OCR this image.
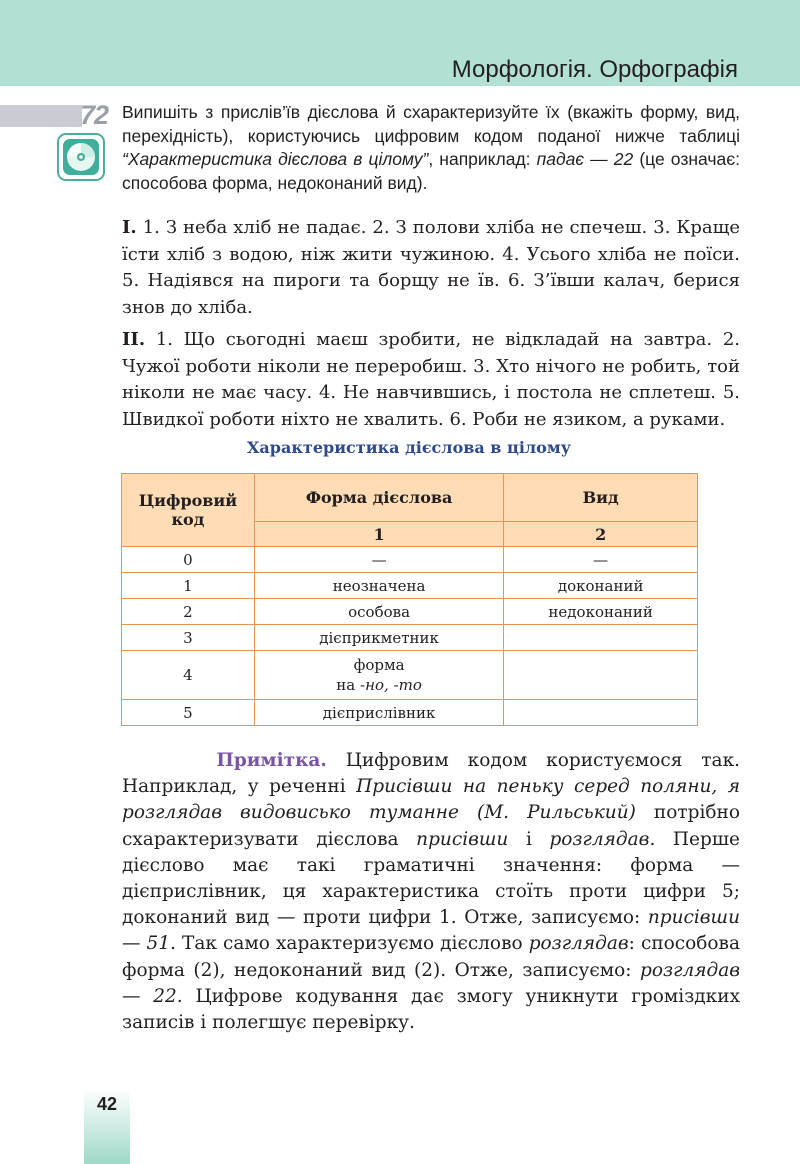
Морфологія. Орфографія
72 Випишіть з прислів’їв дієслова й схарактеризуйте їх (вкажіть форму, вид, перехідність), користуючись цифровим кодом поданої нижче таблиці “Характеристика дієслова в цілому”, наприклад: падає — 22 (це означає: способова форма, недоконаний вид).
I. 1. З неба хліб не падає. 2. З полови хліба не спечеш. 3. Краще їсти хліб з водою, ніж жити чужиною. 4. Усього хліба не поїси. 5. Надіявся на пироги та борщу не їв. 6. З’ївши калач, берися знов до хліба.
II. 1. Що сьогодні маєш зробити, не відкладай на завтра. 2. Чужої роботи ніколи не переробиш. 3. Хто нічого не робить, той ніколи не має часу. 4. Не навчившись, і постола не сплетеш. 5. Швидкої роботи ніхто не хвалить. 6. Роби не язиком, а руками.
Характеристика дієслова в цілому
Цифровий код	Форма дієслова	Вид
	1	2
0	—	—
1	неозначена	доконаний
2	особова	недоконаний
3	дієприкметник	
4	форма
на -но, -то	
5	дієприслівник	
Примітка. Цифровим кодом користуємося так. Наприклад, у реченні Присівши на пеньку серед поляни, я розглядав видовисько туманне (М. Рильський) потрібно схарактеризувати дієслова присівши і розглядав. Перше дієслово має такі граматичні значення: форма — дієприслівник, ця характеристика стоїть проти цифри 5; доконаний вид — проти цифри 1. Отже, записуємо: присівши — 51. Так само характеризуємо дієслово розглядав: способова форма (2), недоконаний вид (2). Отже, записуємо: розглядав — 22. Цифрове кодування дає змогу уникнути громіздких записів і полегшує перевірку.
42
